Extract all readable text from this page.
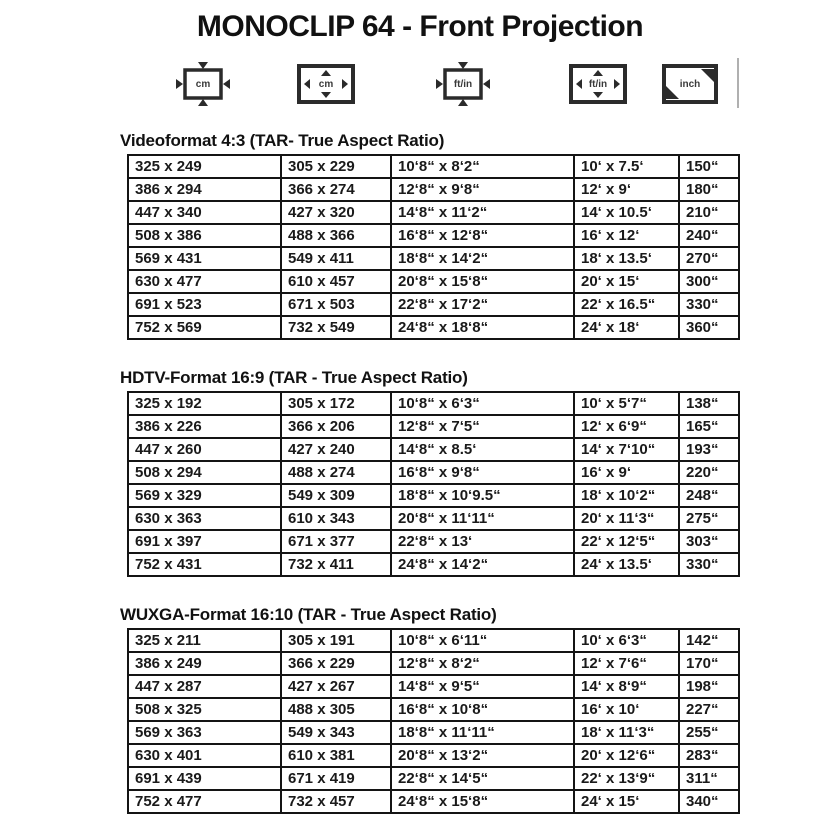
MONOCLIP 64 - Front Projection
cm	cm	ft/in	ft/in	inch
Videoformat 4:3 (TAR- True Aspect Ratio)
325 x 249	305 x 229	10‘8“ x 8‘2“	10‘ x 7.5‘	150“
386 x 294	366 x 274	12‘8“ x 9‘8“	12‘ x 9‘	180“
447 x 340	427 x 320	14‘8“ x 11‘2“	14‘ x 10.5‘	210“
508 x 386	488 x 366	16‘8“ x 12‘8“	16‘ x 12‘	240“
569 x 431	549 x 411	18‘8“ x 14‘2“	18‘ x 13.5‘	270“
630 x 477	610 x 457	20‘8“ x 15‘8“	20‘ x 15‘	300“
691 x 523	671 x 503	22‘8“ x 17‘2“	22‘ x 16.5“	330“
752 x 569	732 x 549	24‘8“ x 18‘8“	24‘ x 18‘	360“
HDTV-Format 16:9 (TAR - True Aspect Ratio)
325 x 192	305 x 172	10‘8“ x 6‘3“	10‘ x 5‘7“	138“
386 x 226	366 x 206	12‘8“ x 7‘5“	12‘ x 6‘9“	165“
447 x 260	427 x 240	14‘8“ x 8.5‘	14‘ x 7‘10“	193“
508 x 294	488 x 274	16‘8“ x 9‘8“	16‘ x 9‘	220“
569 x 329	549 x 309	18‘8“ x 10‘9.5“	18‘ x 10‘2“	248“
630 x 363	610 x 343	20‘8“ x 11‘11“	20‘ x 11‘3“	275“
691 x 397	671 x 377	22‘8“ x 13‘	22‘ x 12‘5“	303“
752 x 431	732 x 411	24‘8“ x 14‘2“	24‘ x 13.5‘	330“
WUXGA-Format 16:10 (TAR - True Aspect Ratio)
325 x 211	305 x 191	10‘8“ x 6‘11“	10‘ x 6‘3“	142“
386 x 249	366 x 229	12‘8“ x 8‘2“	12‘ x 7‘6“	170“
447 x 287	427 x 267	14‘8“ x 9‘5“	14‘ x 8‘9“	198“
508 x 325	488 x 305	16‘8“ x 10‘8“	16‘ x 10‘	227“
569 x 363	549 x 343	18‘8“ x 11‘11“	18‘ x 11‘3“	255“
630 x 401	610 x 381	20‘8“ x 13‘2“	20‘ x 12‘6“	283“
691 x 439	671 x 419	22‘8“ x 14‘5“	22‘ x 13‘9“	311“
752 x 477	732 x 457	24‘8“ x 15‘8“	24‘ x 15‘	340“
